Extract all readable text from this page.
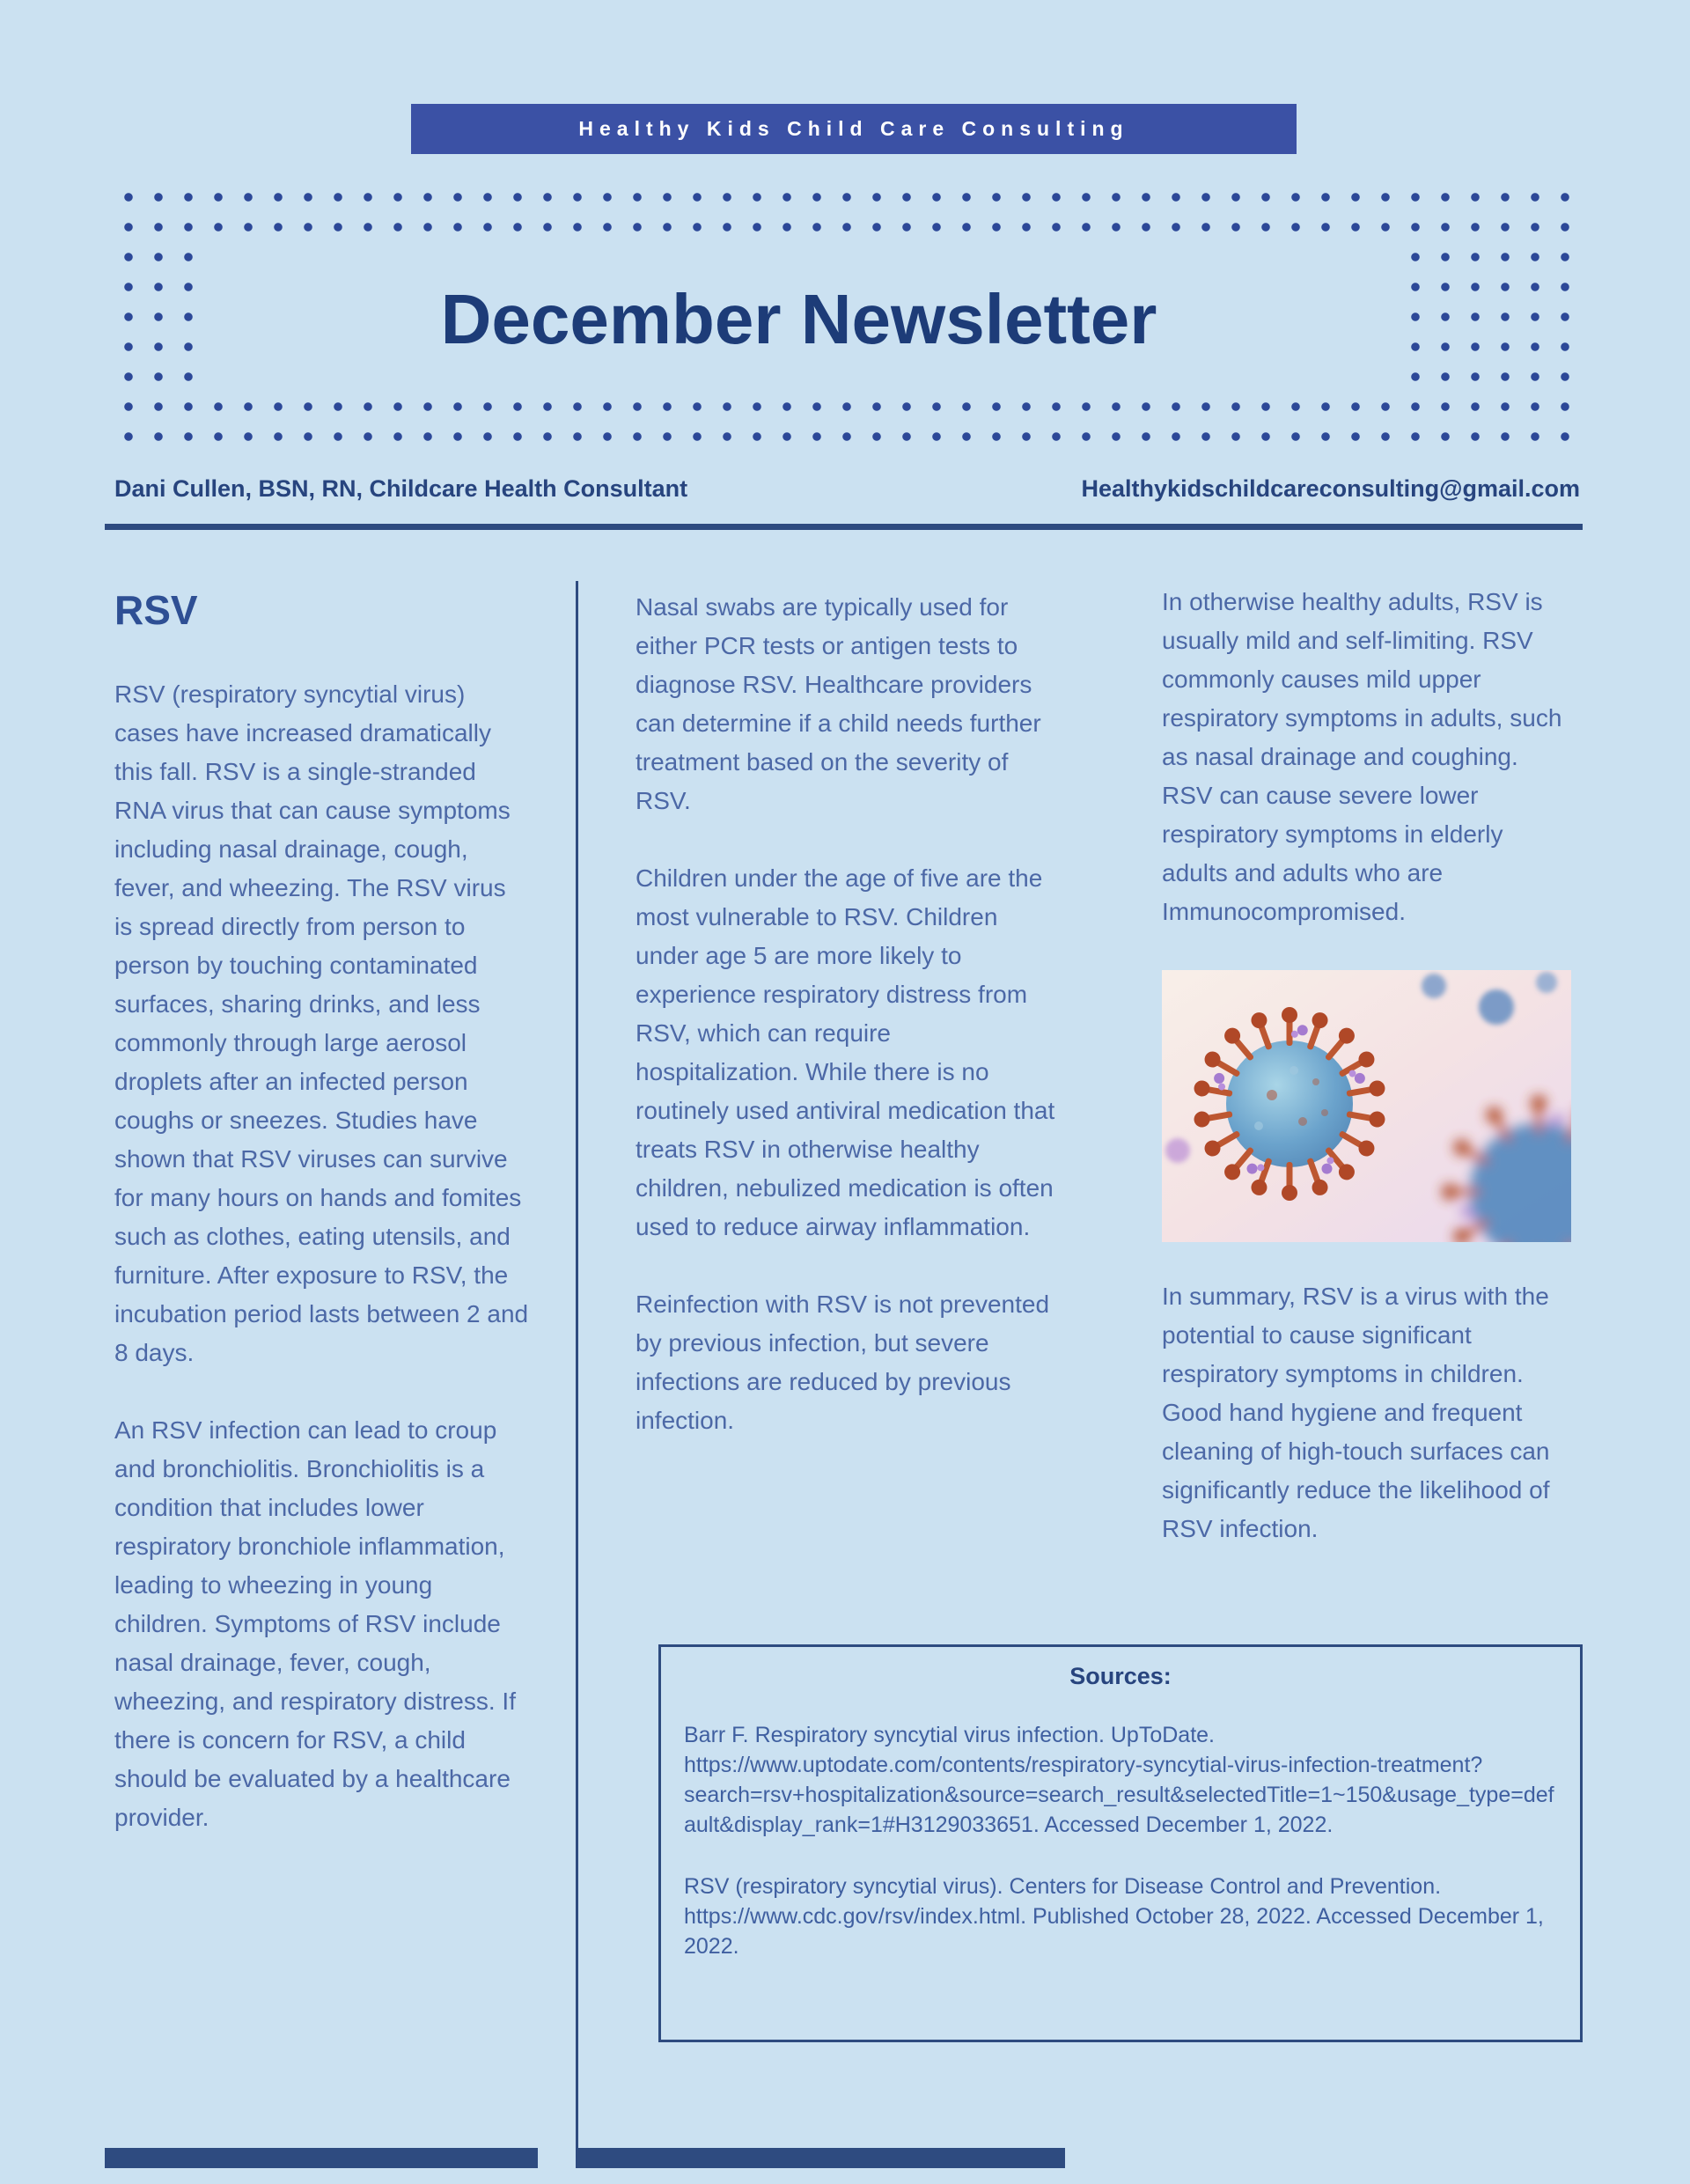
Healthy Kids Child Care Consulting
December Newsletter
Dani Cullen, BSN, RN, Childcare Health Consultant	Healthykidschildcareconsulting@gmail.com
RSV

RSV (respiratory syncytial virus) cases have increased dramatically this fall. RSV is a single-stranded RNA virus that can cause symptoms including nasal drainage, cough, fever, and wheezing. The RSV virus is spread directly from person to person by touching contaminated surfaces, sharing drinks, and less commonly through large aerosol droplets after an infected person coughs or sneezes. Studies have shown that RSV viruses can survive for many hours on hands and fomites such as clothes, eating utensils, and furniture. After exposure to RSV, the incubation period lasts between 2 and 8 days.

An RSV infection can lead to croup and bronchiolitis. Bronchiolitis is a condition that includes lower respiratory bronchiole inflammation, leading to wheezing in young children. Symptoms of RSV include nasal drainage, fever, cough, wheezing, and respiratory distress. If there is concern for RSV, a child should be evaluated by a healthcare provider.

Nasal swabs are typically used for either PCR tests or antigen tests to diagnose RSV. Healthcare providers can determine if a child needs further treatment based on the severity of RSV.

Children under the age of five are the most vulnerable to RSV. Children under age 5 are more likely to experience respiratory distress from RSV, which can require hospitalization. While there is no routinely used antiviral medication that treats RSV in otherwise healthy children, nebulized medication is often used to reduce airway inflammation.

Reinfection with RSV is not prevented by previous infection, but severe infections are reduced by previous infection.

In otherwise healthy adults, RSV is usually mild and self-limiting. RSV commonly causes mild upper respiratory symptoms in adults, such as nasal drainage and coughing. RSV can cause severe lower respiratory symptoms in elderly adults and adults who are Immunocompromised.

In summary, RSV is a virus with the potential to cause significant respiratory symptoms in children. Good hand hygiene and frequent cleaning of high-touch surfaces can significantly reduce the likelihood of RSV infection.

Sources:

Barr F. Respiratory syncytial virus infection. UpToDate. https://www.uptodate.com/contents/respiratory-syncytial-virus-infection-treatment?search=rsv+hospitalization&source=search_result&selectedTitle=1~150&usage_type=default&display_rank=1#H3129033651. Accessed December 1, 2022.

RSV (respiratory syncytial virus). Centers for Disease Control and Prevention. https://www.cdc.gov/rsv/index.html. Published October 28, 2022. Accessed December 1, 2022.
